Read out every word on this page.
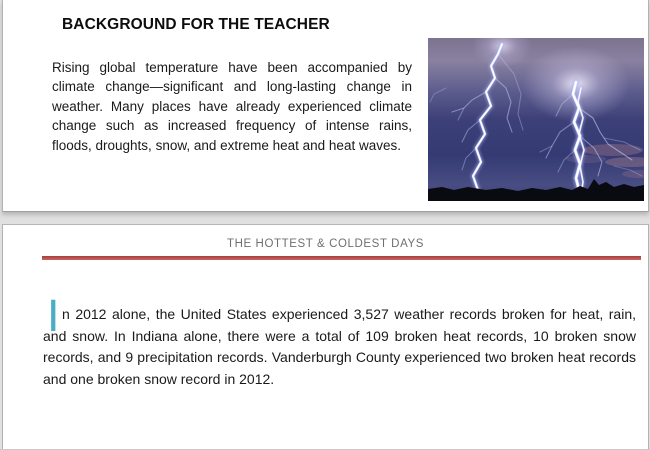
BACKGROUND FOR THE TEACHER

Rising global temperature have been accompanied by climate change—significant and long-lasting change in weather. Many places have already experienced climate change such as increased frequency of intense rains, floods, droughts, snow, and extreme heat and heat waves.

THE HOTTEST & COLDEST DAYS
I n 2012 alone, the United States experienced 3,527 weather records broken for heat, rain, and snow. In Indiana alone, there were a total of 109 broken heat records, 10 broken snow records, and 9 precipitation records. Vanderburgh County experienced two broken heat records and one broken snow record in 2012.
